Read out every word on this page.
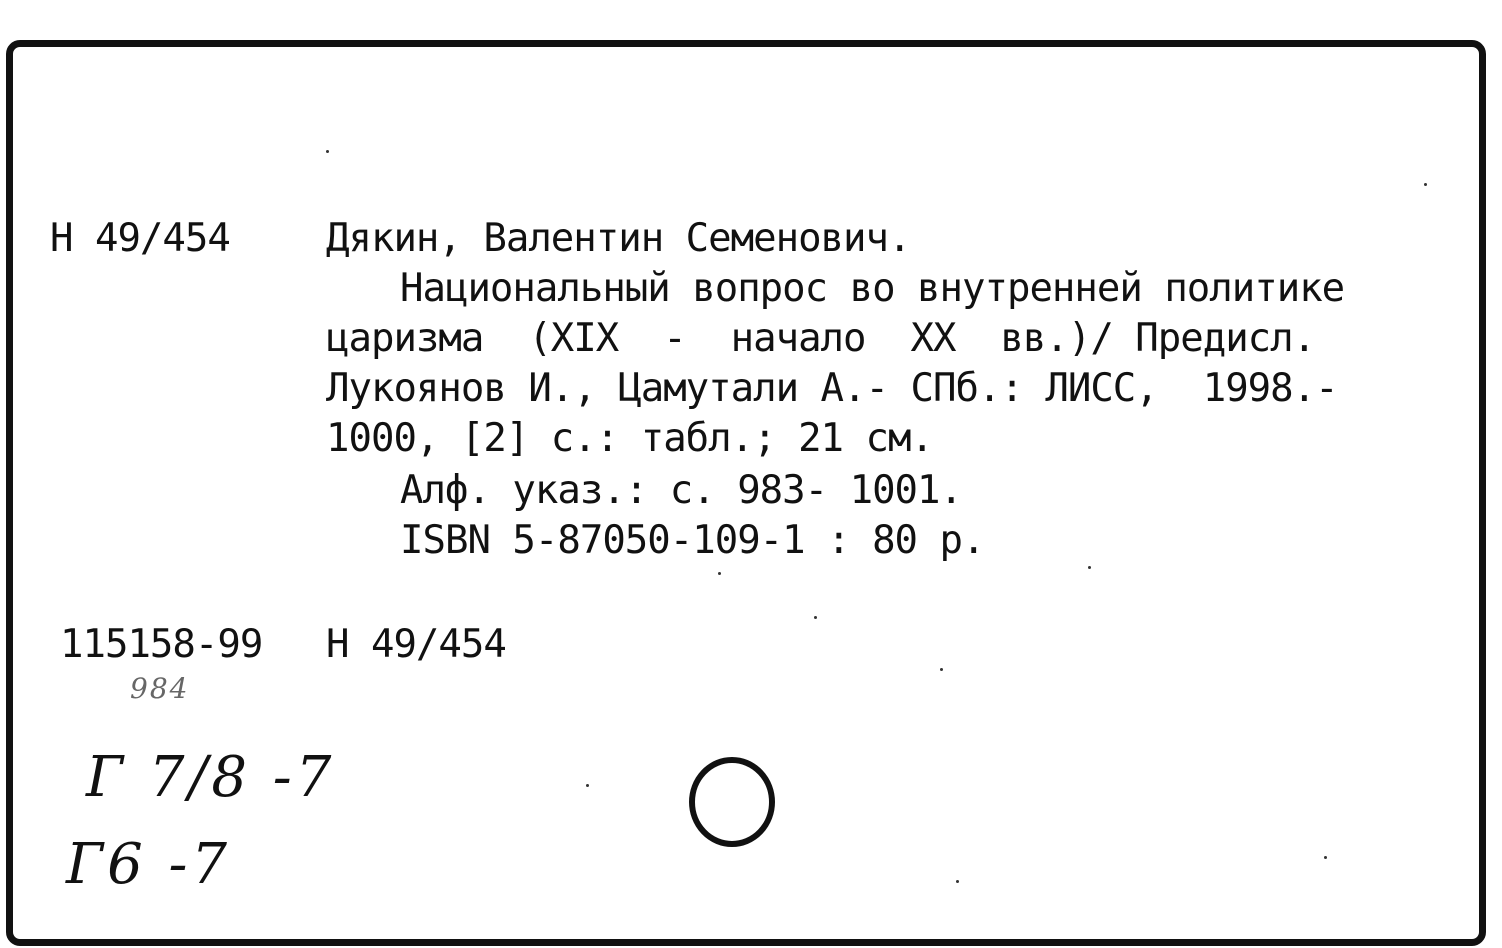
Н 49/454 Дякин, Валентин Семенович.
Национальный вопрос во внутренней политике
царизма  (XIX  -  начало  XX  вв.)/ Предисл.
Лукоянов И., Цамутали А.- СПб.: ЛИСС,  1998.-
1000, [2] с.: табл.; 21 см.
Алф. указ.: с. 983- 1001.
ISBN 5-87050-109-1 : 80 р.
115158-99 Н 49/454
984
Г 7/8 -7
Г6 -7
